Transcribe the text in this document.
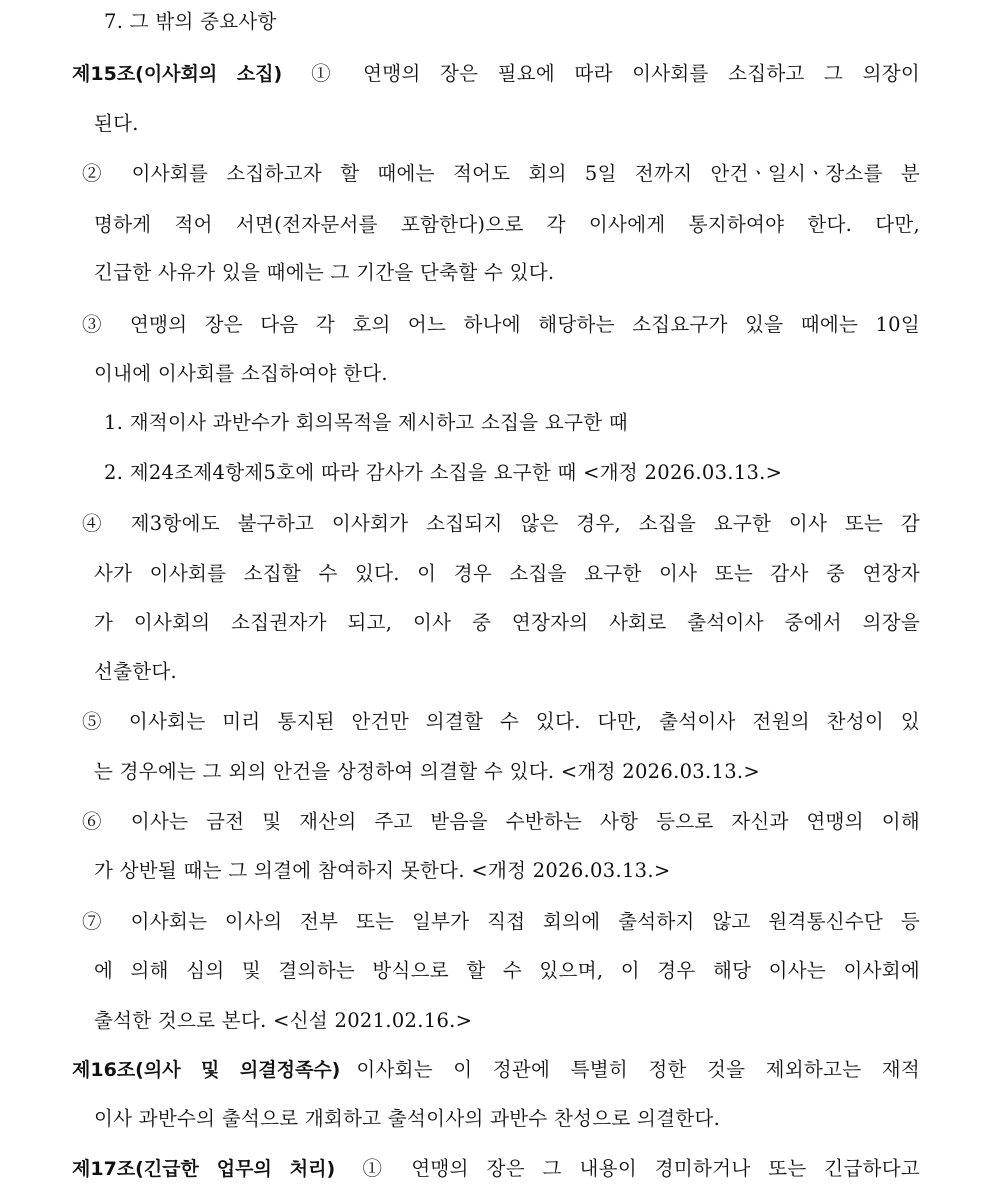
7. 그 밖의 중요사항
제15조(이사회의 소집) ① 연맹의 장은 필요에 따라 이사회를 소집하고 그 의장이
된다.
② 이사회를 소집하고자 할 때에는 적어도 회의 5일 전까지 안건ㆍ일시ㆍ장소를 분
명하게 적어 서면(전자문서를 포함한다)으로 각 이사에게 통지하여야 한다. 다만,
긴급한 사유가 있을 때에는 그 기간을 단축할 수 있다.
③ 연맹의 장은 다음 각 호의 어느 하나에 해당하는 소집요구가 있을 때에는 10일
이내에 이사회를 소집하여야 한다.
1. 재적이사 과반수가 회의목적을 제시하고 소집을 요구한 때
2. 제24조제4항제5호에 따라 감사가 소집을 요구한 때 <개정 2026.03.13.>
④ 제3항에도 불구하고 이사회가 소집되지 않은 경우, 소집을 요구한 이사 또는 감
사가 이사회를 소집할 수 있다. 이 경우 소집을 요구한 이사 또는 감사 중 연장자
가 이사회의 소집권자가 되고, 이사 중 연장자의 사회로 출석이사 중에서 의장을
선출한다.
⑤ 이사회는 미리 통지된 안건만 의결할 수 있다. 다만, 출석이사 전원의 찬성이 있
는 경우에는 그 외의 안건을 상정하여 의결할 수 있다. <개정 2026.03.13.>
⑥ 이사는 금전 및 재산의 주고 받음을 수반하는 사항 등으로 자신과 연맹의 이해
가 상반될 때는 그 의결에 참여하지 못한다. <개정 2026.03.13.>
⑦ 이사회는 이사의 전부 또는 일부가 직접 회의에 출석하지 않고 원격통신수단 등
에 의해 심의 및 결의하는 방식으로 할 수 있으며, 이 경우 해당 이사는 이사회에
출석한 것으로 본다. <신설 2021.02.16.>
제16조(의사 및 의결정족수) 이사회는 이 정관에 특별히 정한 것을 제외하고는 재적
이사 과반수의 출석으로 개회하고 출석이사의 과반수 찬성으로 의결한다.
제17조(긴급한 업무의 처리) ① 연맹의 장은 그 내용이 경미하거나 또는 긴급하다고
